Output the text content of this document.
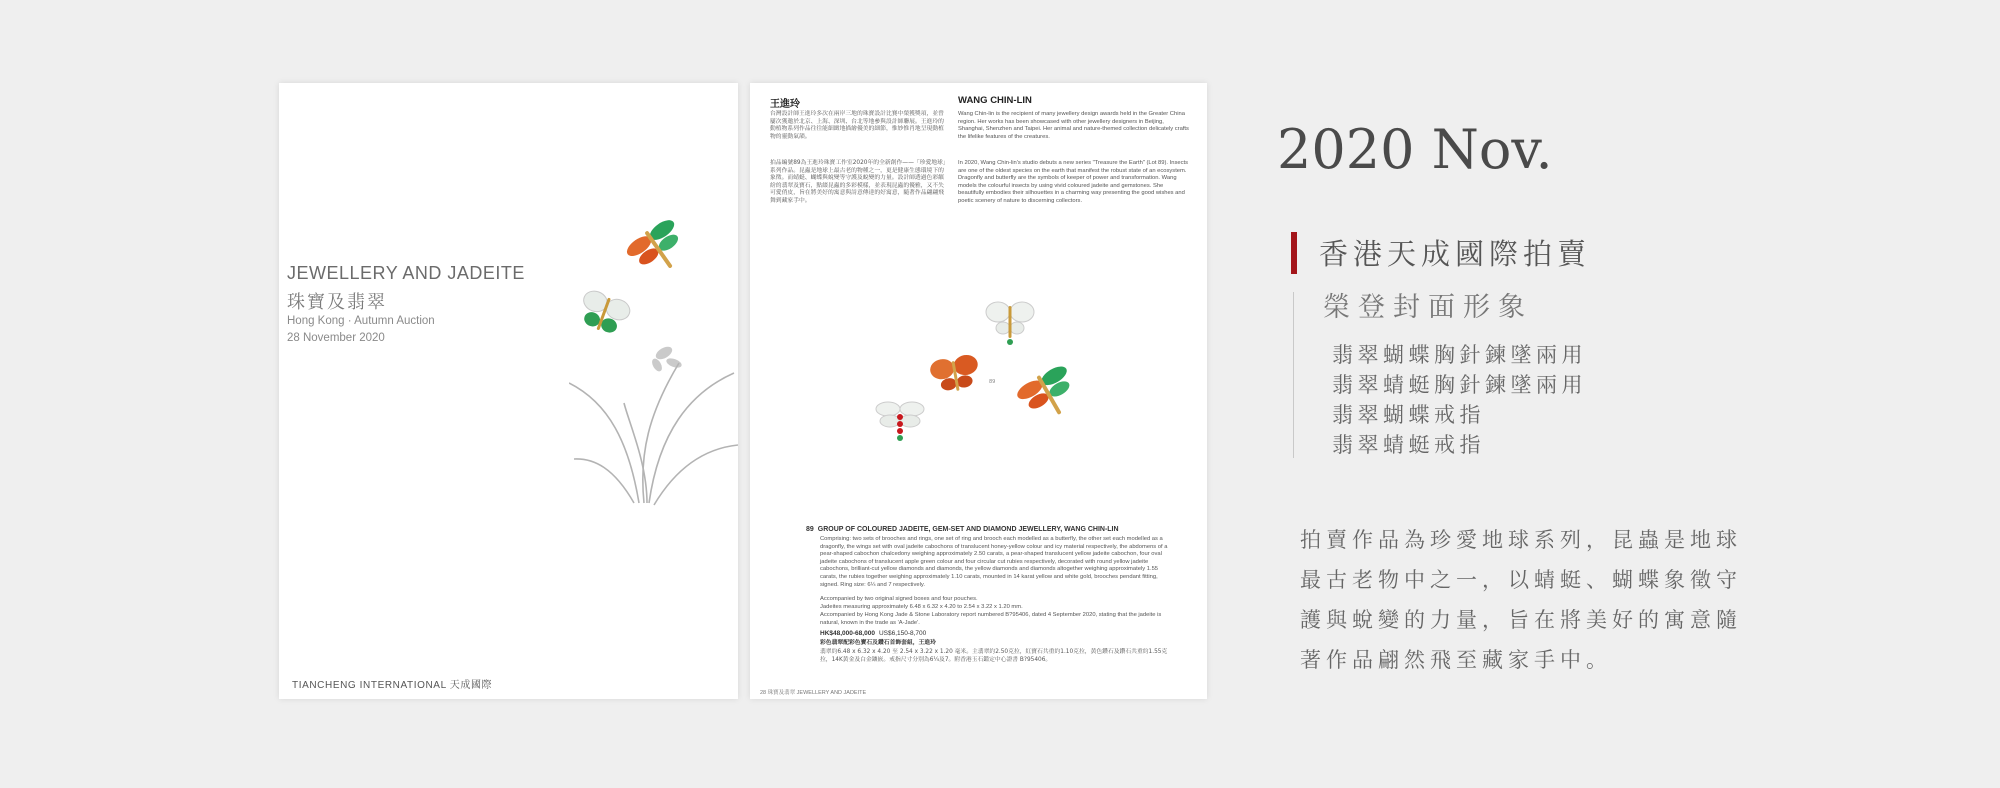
JEWELLERY AND JADEITE
珠寶及翡翠
Hong Kong · Autumn Auction
28 November 2020
TIANCHENG INTERNATIONAL 天成國際
王進玲	WANG CHIN-LIN
台灣設計師王進玲多次在兩岸三地的珠寶設計比賽中榮獲獎項，並曾屢次獲邀於北京、上海、深圳、台北等地參與設計師聯展。王進玲的動植物系列作品往往能細緻地描繪優美的細節，惟妙惟肖地呈現動植物的靈動氣韻。
拍品編號89為王進玲珠寶工作室2020年的全新創作——「珍愛地球」系列作品。昆蟲是地球上最古老的物種之一，更是健康生態環境下的象徵。而蜻蜓、蝴蝶與蛻變等守護及蛻變的力量。設計師透過色彩繽紛的翡翠及寶石，點綴昆蟲的多彩模樣，並表現昆蟲的優雅，又不失可愛俏皮，旨在將美好的寓意與詩意傳達的好寓意，隨著作品翩翩飛舞到藏家手中。
Wang Chin-lin is the recipient of many jewellery design awards held in the Greater China region. Her works has been showcased with other jewellery designers in Beijing, Shanghai, Shenzhen and Taipei. Her animal and nature-themed collection delicately crafts the lifelike features of the creatures.
In 2020, Wang Chin-lin's studio debuts a new series "Treasure the Earth" (Lot 89). Insects are one of the oldest species on the earth that manifest the robust state of an ecosystem. Dragonfly and butterfly are the symbols of keeper of power and transformation. Wang models the colourful insects by using vivid coloured jadeite and gemstones. She beautifully embodies their silhouettes in a charming way presenting the good wishes and poetic scenery of nature to discerning collectors.
89
89 GROUP OF COLOURED JADEITE, GEM-SET AND DIAMOND JEWELLERY, WANG CHIN-LIN
Comprising: two sets of brooches and rings, one set of ring and brooch each modelled as a butterfly, the other set each modelled as a dragonfly, the wings set with oval jadeite cabochons of translucent honey-yellow colour and icy material respectively, the abdomens of a pear-shaped cabochon chalcedony weighing approximately 2.50 carats, a pear-shaped translucent yellow jadeite cabochon, four oval jadeite cabochons of translucent apple green colour and four circular cut rubies respectively, decorated with round yellow jadeite cabochons, brilliant-cut yellow diamonds and diamonds, the yellow diamonds and diamonds altogether weighing approximately 1.55 carats, the rubies together weighing approximately 1.10 carats, mounted in 14 karat yellow and white gold, brooches pendant fitting, signed. Ring size: 6¼ and 7 respectively.
Accompanied by two original signed boxes and four pouches.
Jadeites measuring approximately 6.48 x 6.32 x 4.20 to 2.54 x 3.22 x 1.20 mm.
Accompanied by Hong Kong Jade & Stone Laboratory report numbered B?95406, dated 4 September 2020, stating that the jadeite is natural, known in the trade as 'A-Jade'.
HK$48,000-68,000 US$6,150-8,700
彩色翡翠配彩色寶石及鑽石首飾套組，王進玲
翡翠約6.48 x 6.32 x 4.20 至 2.54 x 3.22 x 1.20 毫米。主翡翠約2.50克拉，紅寶石共重約1.10克拉，黃色鑽石及鑽石共重約1.55克拉，14K黃金及白金鑲嵌。戒指尺寸分別為6¼及7。附香港玉石鑑定中心證書 B?95406。
28 珠寶及翡翠 JEWELLERY AND JADEITE
2020 Nov.
香港天成國際拍賣
榮登封面形象
翡翠蝴蝶胸針鍊墜兩用
翡翠蜻蜓胸針鍊墜兩用
翡翠蝴蝶戒指
翡翠蜻蜓戒指
拍賣作品為珍愛地球系列，昆蟲是地球最古老物中之一，以蜻蜓、蝴蝶象徵守護與蛻變的力量，旨在將美好的寓意隨著作品翩然飛至藏家手中。
